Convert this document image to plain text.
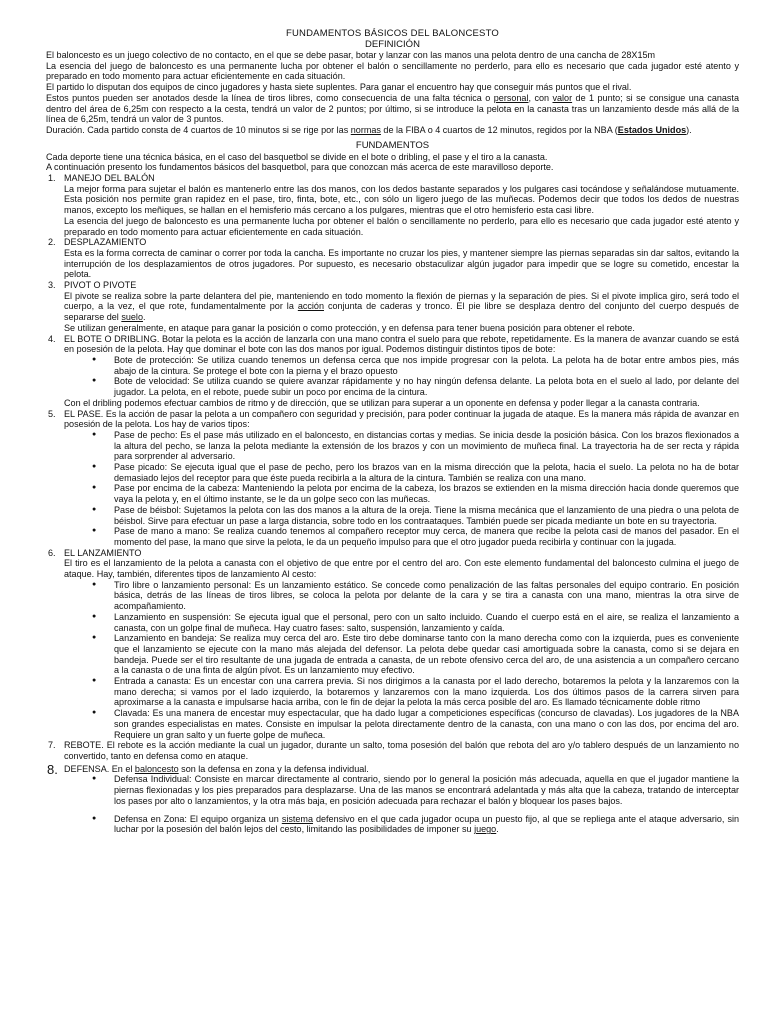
FUNDAMENTOS BÁSICOS DEL BALONCESTO

DEFINICIÓN

El baloncesto es un juego colectivo de no contacto, en el que se debe pasar, botar y lanzar con las manos una pelota dentro de una cancha de 28X15m

La esencia del juego de baloncesto es una permanente lucha por obtener el balón o sencillamente no perderlo, para ello es necesario que cada jugador esté atento y preparado en todo momento para actuar eficientemente en cada situación.

El partido lo disputan dos equipos de cinco jugadores y hasta siete suplentes. Para ganar el encuentro hay que conseguir más puntos que el rival.

Estos puntos pueden ser anotados desde la línea de tiros libres, como consecuencia de una falta técnica o personal, con valor de 1 punto; si se consigue una canasta dentro del área de 6,25m con respecto a la cesta, tendrá un valor de 2 puntos; por último, si se introduce la pelota en la canasta tras un lanzamiento desde más allá de la línea de 6,25m, tendrá un valor de 3 puntos.

Duración. Cada partido consta de 4 cuartos de 10 minutos si se rige por las normas de la FIBA o 4 cuartos de 12 minutos, regidos por la NBA (Estados Unidos).

FUNDAMENTOS

Cada deporte tiene una técnica básica, en el caso del basquetbol se divide en el bote o dribling, el pase y el tiro a la canasta.

A continuación presento los fundamentos básicos del basquetbol, para que conozcan más acerca de este maravilloso deporte.

1. MANEJO DEL BALÓN

La mejor forma para sujetar el balón es mantenerlo entre las dos manos, con los dedos bastante separados y los pulgares casi tocándose y señalándose mutuamente. Esta posición nos permite gran rapidez en el pase, tiro, finta, bote, etc., con sólo un ligero juego de las muñecas. Podemos decir que todos los dedos de nuestras manos, excepto los meñiques, se hallan en el hemisferio más cercano a los pulgares, mientras que el otro hemisferio esta casi libre.

La esencia del juego de baloncesto es una permanente lucha por obtener el balón o sencillamente no perderlo, para ello es necesario que cada jugador esté atento y preparado en todo momento para actuar eficientemente en cada situación.

2. DESPLAZAMIENTO

Esta es la forma correcta de caminar o correr por toda la cancha. Es importante no cruzar los pies, y mantener siempre las piernas separadas sin dar saltos, evitando la interrupción de los desplazamientos de otros jugadores. Por supuesto, es necesario obstaculizar algún jugador para impedir que se logre su cometido, encestar la pelota.

3. PIVOT O PIVOTE

El pivote se realiza sobre la parte delantera del pie, manteniendo en todo momento la flexión de piernas y la separación de pies. Si el pivote implica giro, será todo el cuerpo, a la vez, el que rote, fundamentalmente por la acción conjunta de caderas y tronco. El pie libre se desplaza dentro del conjunto del cuerpo después de separarse del suelo.

Se utilizan generalmente, en ataque para ganar la posición o como protección, y en defensa para tener buena posición para obtener el rebote.

4. EL BOTE O DRIBLING. Botar la pelota es la acción de lanzarla con una mano contra el suelo para que rebote, repetidamente. Es la manera de avanzar cuando se está en posesión de la pelota. Hay que dominar el bote con las dos manos por igual. Podemos distinguir distintos tipos de bote:

● Bote de protección: Se utiliza cuando tenemos un defensa cerca que nos impide progresar con la pelota. La pelota ha de botar entre ambos pies, más abajo de la cintura. Se protege el bote con la pierna y el brazo opuesto
● Bote de velocidad: Se utiliza cuando se quiere avanzar rápidamente y no hay ningún defensa delante. La pelota bota en el suelo al lado, por delante del jugador. La pelota, en el rebote, puede subir un poco por encima de la cintura.

Con el dribling podemos efectuar cambios de ritmo y de dirección, que se utilizan para superar a un oponente en defensa y poder llegar a la canasta contraria.

5. EL PASE. Es la acción de pasar la pelota a un compañero con seguridad y precisión, para poder continuar la jugada de ataque. Es la manera más rápida de avanzar en posesión de la pelota. Los hay de varios tipos:

● Pase de pecho: Es el pase más utilizado en el baloncesto, en distancias cortas y medias. Se inicia desde la posición básica. Con los brazos flexionados a la altura del pecho, se lanza la pelota mediante la extensión de los brazos y con un movimiento de muñeca final. La trayectoria ha de ser recta y rápida para sorprender al adversario.
● Pase picado: Se ejecuta igual que el pase de pecho, pero los brazos van en la misma dirección que la pelota, hacia el suelo. La pelota no ha de botar demasiado lejos del receptor para que éste pueda recibirla a la altura de la cintura. También se realiza con una mano.
● Pase por encima de la cabeza: Manteniendo la pelota por encima de la cabeza, los brazos se extienden en la misma dirección hacia donde queremos que vaya la pelota y, en el último instante, se le da un golpe seco con las muñecas.
● Pase de béisbol: Sujetamos la pelota con las dos manos a la altura de la oreja. Tiene la misma mecánica que el lanzamiento de una piedra o una pelota de béisbol. Sirve para efectuar un pase a larga distancia, sobre todo en los contraataques. También puede ser picada mediante un bote en su trayectoria.
● Pase de mano a mano: Se realiza cuando tenemos al compañero receptor muy cerca, de manera que recibe la pelota casi de manos del pasador. En el momento del pase, la mano que sirve la pelota, le da un pequeño impulso para que el otro jugador pueda recibirla y continuar con la jugada.
6. EL LANZAMIENTO

El tiro es el lanzamiento de la pelota a canasta con el objetivo de que entre por el centro del aro. Con este elemento fundamental del baloncesto culmina el juego de ataque. Hay, también, diferentes tipos de lanzamiento Al cesto:

● Tiro libre o lanzamiento personal: Es un lanzamiento estático. Se concede como penalización de las faltas personales del equipo contrario. En posición básica, detrás de las líneas de tiros libres, se coloca la pelota por delante de la cara y se tira a canasta con una mano, mientras la otra sirve de acompañamiento.
● Lanzamiento en suspensión: Se ejecuta igual que el personal, pero con un salto incluido. Cuando el cuerpo está en el aire, se realiza el lanzamiento a canasta, con un golpe final de muñeca. Hay cuatro fases: salto, suspensión, lanzamiento y caída.
● Lanzamiento en bandeja: Se realiza muy cerca del aro. Este tiro debe dominarse tanto con la mano derecha como con la izquierda, pues es conveniente que el lanzamiento se ejecute con la mano más alejada del defensor. La pelota debe quedar casi amortiguada sobre la canasta, como si se dejara en bandeja. Puede ser el tiro resultante de una jugada de entrada a canasta, de un rebote ofensivo cerca del aro, de una asistencia a un compañero cercano a la canasta o de una finta de algún pívot. Es un lanzamiento muy efectivo.
● Entrada a canasta: Es un encestar con una carrera previa. Si nos dirigimos a la canasta por el lado derecho, botaremos la pelota y la lanzaremos con la mano derecha; si vamos por el lado izquierdo, la botaremos y lanzaremos con la mano izquierda. Los dos últimos pasos de la carrera sirven para aproximarse a la canasta e impulsarse hacia arriba, con le fin de dejar la pelota la más cerca posible del aro. Es llamado técnicamente doble ritmo
● Clavada: Es una manera de encestar muy espectacular, que ha dado lugar a competiciones específicas (concurso de clavadas). Los jugadores de la NBA son grandes especialistas en mates. Consiste en impulsar la pelota directamente dentro de la canasta, con una mano o con las dos, por encima del aro. Requiere un gran salto y un fuerte golpe de muñeca.
7. REBOTE. El rebote es la acción mediante la cual un jugador, durante un salto, toma posesión del balón que rebota del aro y/o tablero después de un lanzamiento no convertido, tanto en defensa como en ataque.

8. DEFENSA. En el baloncesto son la defensa en zona y la defensa individual.

● Defensa Individual: Consiste en marcar directamente al contrario, siendo por lo general la posición más adecuada, aquella en que el jugador mantiene la piernas flexionadas y los pies preparados para desplazarse. Una de las manos se encontrará adelantada y más alta que la cabeza, tratando de interceptar los pases por alto o lanzamientos, y la otra más baja, en posición adecuada para rechazar el balón y bloquear los pases bajos.
● Defensa en Zona: El equipo organiza un sistema defensivo en el que cada jugador ocupa un puesto fijo, al que se repliega ante el ataque adversario, sin luchar por la posesión del balón lejos del cesto, limitando las posibilidades de imponer su juego.
